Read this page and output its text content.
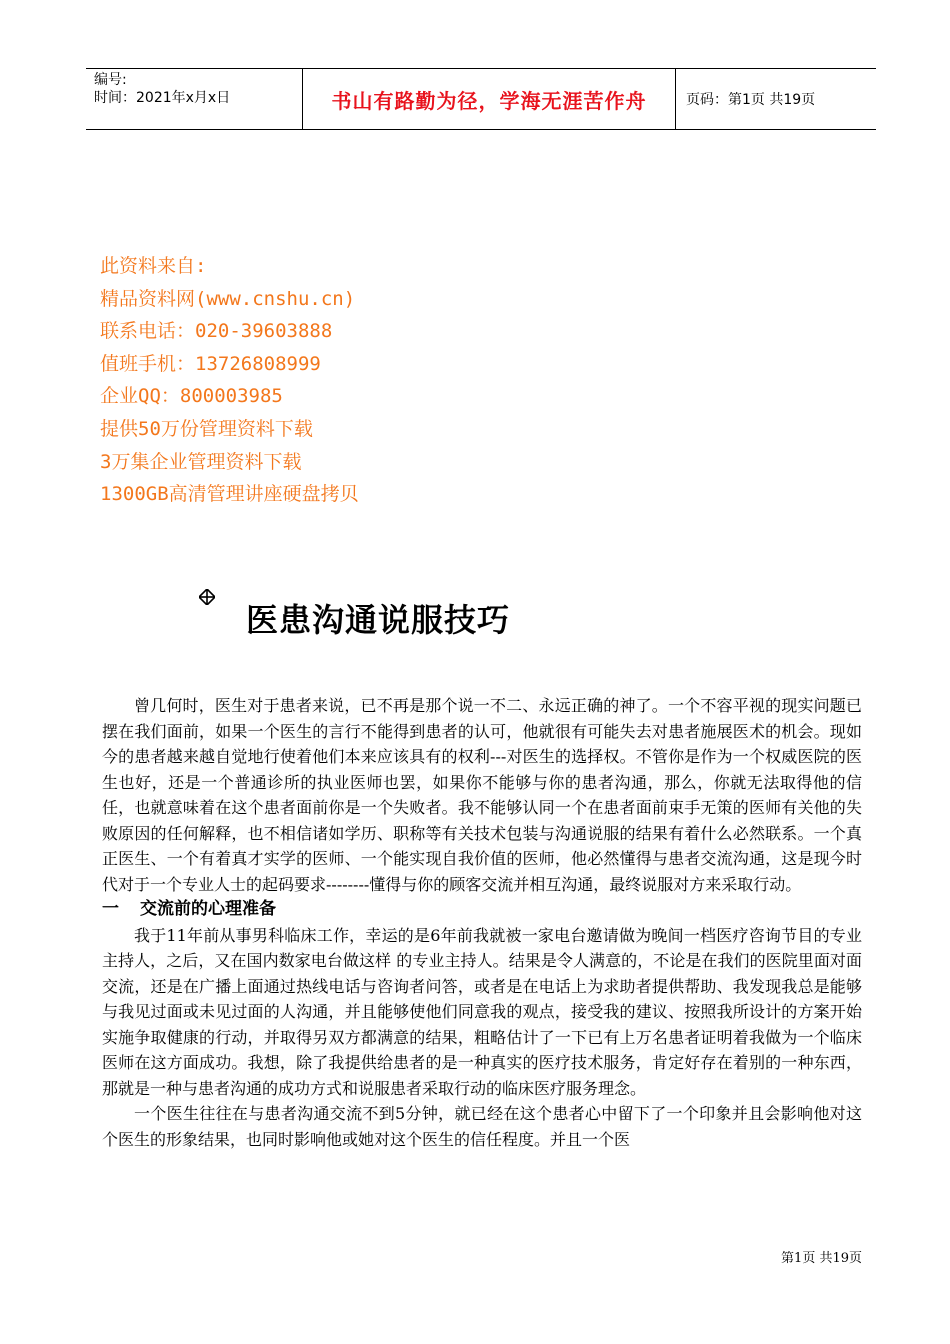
编号:
时间：2021年x月x日	书山有路勤为径，学海无涯苦作舟	页码：第1页 共19页
此资料来自:
精品资料网(www.cnshu.cn)
联系电话：020-39603888
值班手机：13726808999
企业QQ：800003985
提供50万份管理资料下载
3万集企业管理资料下载
1300GB高清管理讲座硬盘拷贝
医患沟通说服技巧

曾几何时，医生对于患者来说，已不再是那个说一不二、永远正确的神了。一个不容平视的现实问题已摆在我们面前，如果一个医生的言行不能得到患者的认可，他就很有可能失去对患者施展医术的机会。现如今的患者越来越自觉地行使着他们本来应该具有的权利---对医生的选择权。不管你是作为一个权威医院的医生也好，还是一个普通诊所的执业医师也罢，如果你不能够与你的患者沟通，那么，你就无法取得他的信任，也就意味着在这个患者面前你是一个失败者。我不能够认同一个在患者面前束手无策的医师有关他的失败原因的任何解释，也不相信诸如学历、职称等有关技术包装与沟通说服的结果有着什么必然联系。一个真正医生、一个有着真才实学的医师、一个能实现自我价值的医师，他必然懂得与患者交流沟通，这是现今时代对于一个专业人士的起码要求--------懂得与你的顾客交流并相互沟通，最终说服对方来采取行动。

一 交流前的心理准备

我于11年前从事男科临床工作，幸运的是6年前我就被一家电台邀请做为晚间一档医疗咨询节目的专业主持人，之后，又在国内数家电台做这样 的专业主持人。结果是令人满意的，不论是在我们的医院里面对面交流，还是在广播上面通过热线电话与咨询者问答，或者是在电话上为求助者提供帮助、我发现我总是能够与我见过面或未见过面的人沟通，并且能够使他们同意我的观点，接受我的建议、按照我所设计的方案开始实施争取健康的行动，并取得另双方都满意的结果，粗略估计了一下已有上万名患者证明着我做为一个临床医师在这方面成功。我想，除了我提供给患者的是一种真实的医疗技术服务，肯定好存在着别的一种东西，那就是一种与患者沟通的成功方式和说服患者采取行动的临床医疗服务理念。

一个医生往往在与患者沟通交流不到5分钟，就已经在这个患者心中留下了一个印象并且会影响他对这个医生的形象结果，也同时影响他或她对这个医生的信任程度。并且一个医

第1页 共19页
